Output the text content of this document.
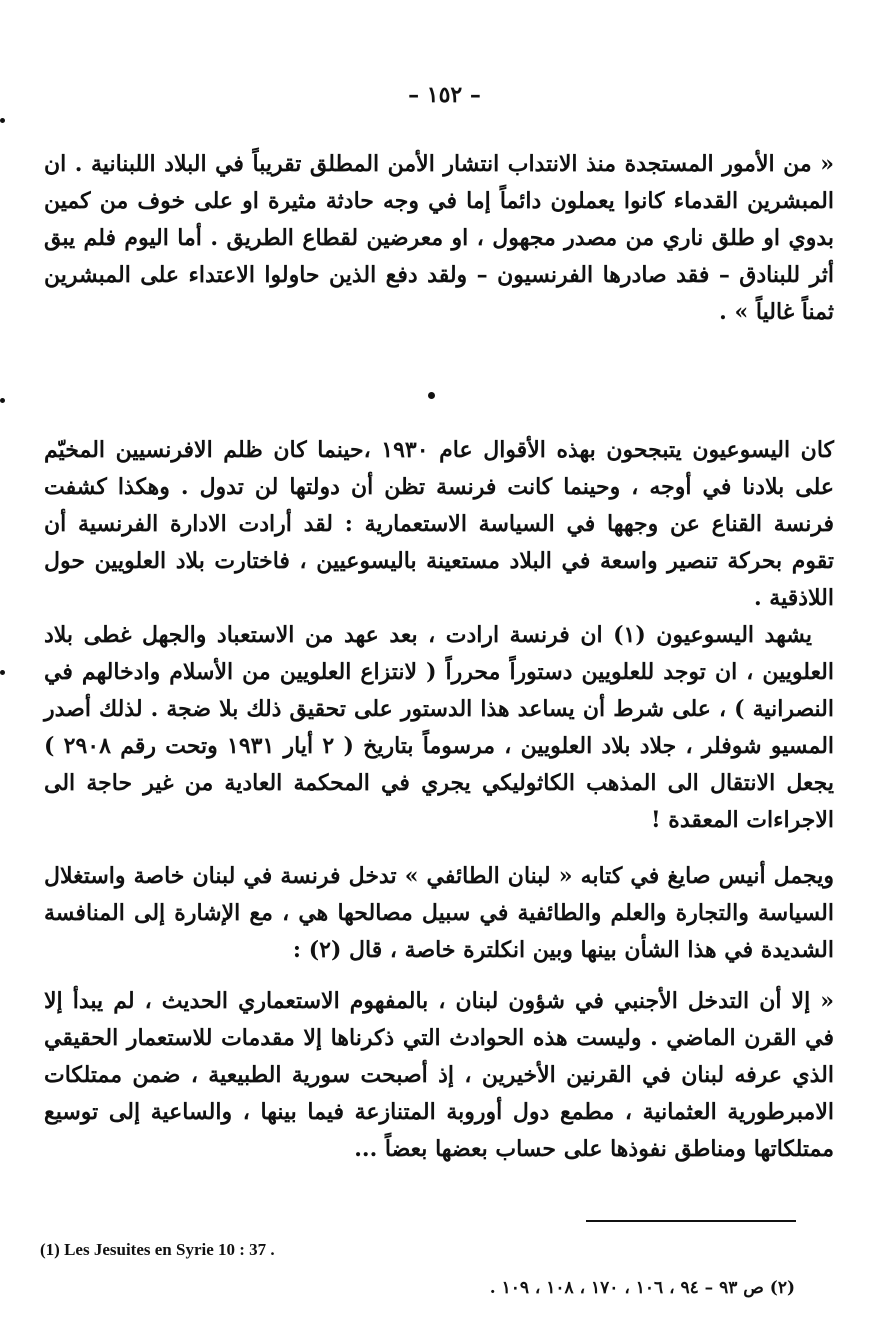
– ١٥٢ –

« من الأمور المستجدة منذ الانتداب انتشار الأمن المطلق تقريباً في البلاد اللبنانية . ان المبشرين القدماء كانوا يعملون دائماً إما في وجه حادثة مثيرة او على خوف من كمين بدوي او طلق ناري من مصدر مجهول ، او معرضين لقطاع الطريق . أما اليوم فلم يبق أثر للبنادق – فقد صادرها الفرنسيون – ولقد دفع الذين حاولوا الاعتداء على المبشرين ثمناً غالياً » .

كان اليسوعيون يتبجحون بهذه الأقوال عام ١٩٣٠ ،حينما كان ظلم الافرنسيين المخيّم على بلادنا في أوجه ، وحينما كانت فرنسة تظن أن دولتها لن تدول . وهكذا كشفت فرنسة القناع عن وجهها في السياسة الاستعمارية : لقد أرادت الادارة الفرنسية أن تقوم بحركة تنصير واسعة في البلاد مستعينة باليسوعيين ، فاختارت بلاد العلويين حول اللاذقية .

يشهد اليسوعيون (١) ان فرنسة ارادت ، بعد عهد من الاستعباد والجهل غطى بلاد العلويين ، ان توجد للعلويين دستوراً محرراً ( لانتزاع العلويين من الأسلام وادخالهم في النصرانية ) ، على شرط أن يساعد هذا الدستور على تحقيق ذلك بلا ضجة . لذلك أصدر المسيو شوفلر ، جلاد بلاد العلويين ، مرسوماً بتاريخ ( ٢ أيار ١٩٣١ وتحت رقم ٢٩٠٨ ) يجعل الانتقال الى المذهب الكاثوليكي يجري في المحكمة العادية من غير حاجة الى الاجراءات المعقدة !

ويجمل أنيس صايغ في كتابه « لبنان الطائفي » تدخل فرنسة في لبنان خاصة واستغلال السياسة والتجارة والعلم والطائفية في سبيل مصالحها هي ، مع الإشارة إلى المنافسة الشديدة في هذا الشأن بينها وبين انكلترة خاصة ، قال (٢) :

« إلا أن التدخل الأجنبي في شؤون لبنان ، بالمفهوم الاستعماري الحديث ، لم يبدأ إلا في القرن الماضي . وليست هذه الحوادث التي ذكرناها إلا مقدمات للاستعمار الحقيقي الذي عرفه لبنان في القرنين الأخيرين ، إذ أصبحت سورية الطبيعية ، ضمن ممتلكات الامبرطورية العثمانية ، مطمع دول أوروبة المتنازعة فيما بينها ، والساعية إلى توسيع ممتلكاتها ومناطق نفوذها على حساب بعضها بعضاً ...

(1) Les Jesuites en Syrie 10 : 37 .
(٢) ص ٩٣ – ٩٤ ، ١٠٦ ، ١٧٠ ، ١٠٨ ، ١٠٩ .
